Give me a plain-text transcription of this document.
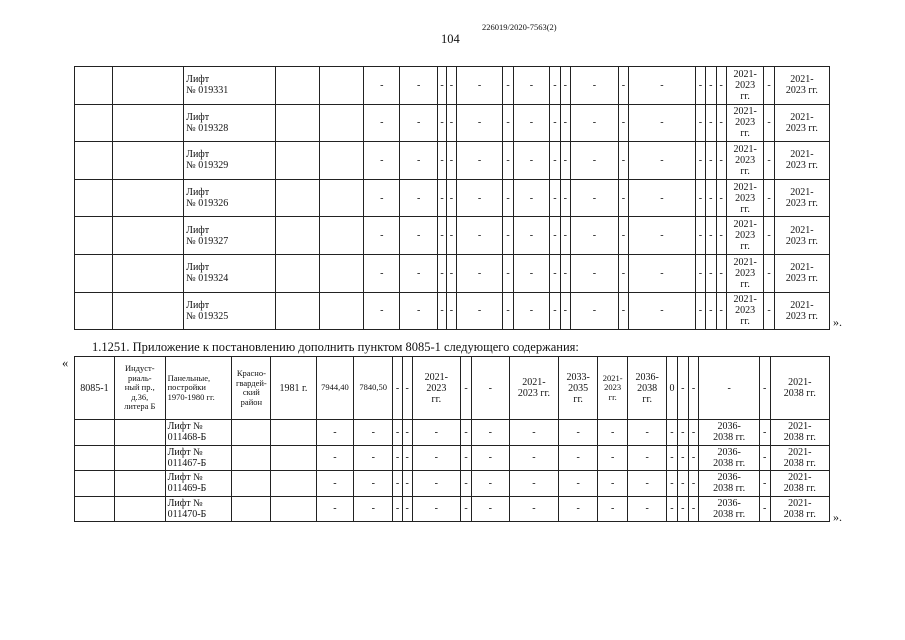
226019/2020-7563(2)
104
		Лифт
№ 019331			-	-	-	-	-	-	-	-	-	-	-	-	-	-	-	2021-
2023
гг.	-	2021-
2023 гг.
		Лифт
№ 019328			-	-	-	-	-	-	-	-	-	-	-	-	-	-	-	2021-
2023
гг.	-	2021-
2023 гг.
		Лифт
№ 019329			-	-	-	-	-	-	-	-	-	-	-	-	-	-	-	2021-
2023
гг.	-	2021-
2023 гг.
		Лифт
№ 019326			-	-	-	-	-	-	-	-	-	-	-	-	-	-	-	2021-
2023
гг.	-	2021-
2023 гг.
		Лифт
№ 019327			-	-	-	-	-	-	-	-	-	-	-	-	-	-	-	2021-
2023
гг.	-	2021-
2023 гг.
		Лифт
№ 019324			-	-	-	-	-	-	-	-	-	-	-	-	-	-	-	2021-
2023
гг.	-	2021-
2023 гг.
		Лифт
№ 019325			-	-	-	-	-	-	-	-	-	-	-	-	-	-	-	2021-
2023
гг.	-	2021-
2023 гг. ».
1.1251. Приложение к постановлению дополнить пунктом 8085-1 следующего содержания:
«
8085-1	Индуст-
риаль-
ный пр.,
д.36,
литера Б	Панельные,
постройки
1970-1980 гг.	Красно-
гвардей-
ский
район	1981 г.	7944,40	7840,50	-	-	2021-
2023
гг.	-	-	2021-
2023 гг.	2033-
2035
гг.	2021-
2023
гг.	2036-
2038
гг.	0	-	-	-	-	2021-
2038 гг.
		Лифт №
011468-Б			-	-	-	-	-	-	-	-	-	-	-	-	-	-	2036-
2038 гг.	-	2021-
2038 гг.
		Лифт №
011467-Б			-	-	-	-	-	-	-	-	-	-	-	-	-	-	2036-
2038 гг.	-	2021-
2038 гг.
		Лифт №
011469-Б			-	-	-	-	-	-	-	-	-	-	-	-	-	-	2036-
2038 гг.	-	2021-
2038 гг.
		Лифт №
011470-Б			-	-	-	-	-	-	-	-	-	-	-	-	-	-	2036-
2038 гг.	-	2021-
2038 гг. ».
